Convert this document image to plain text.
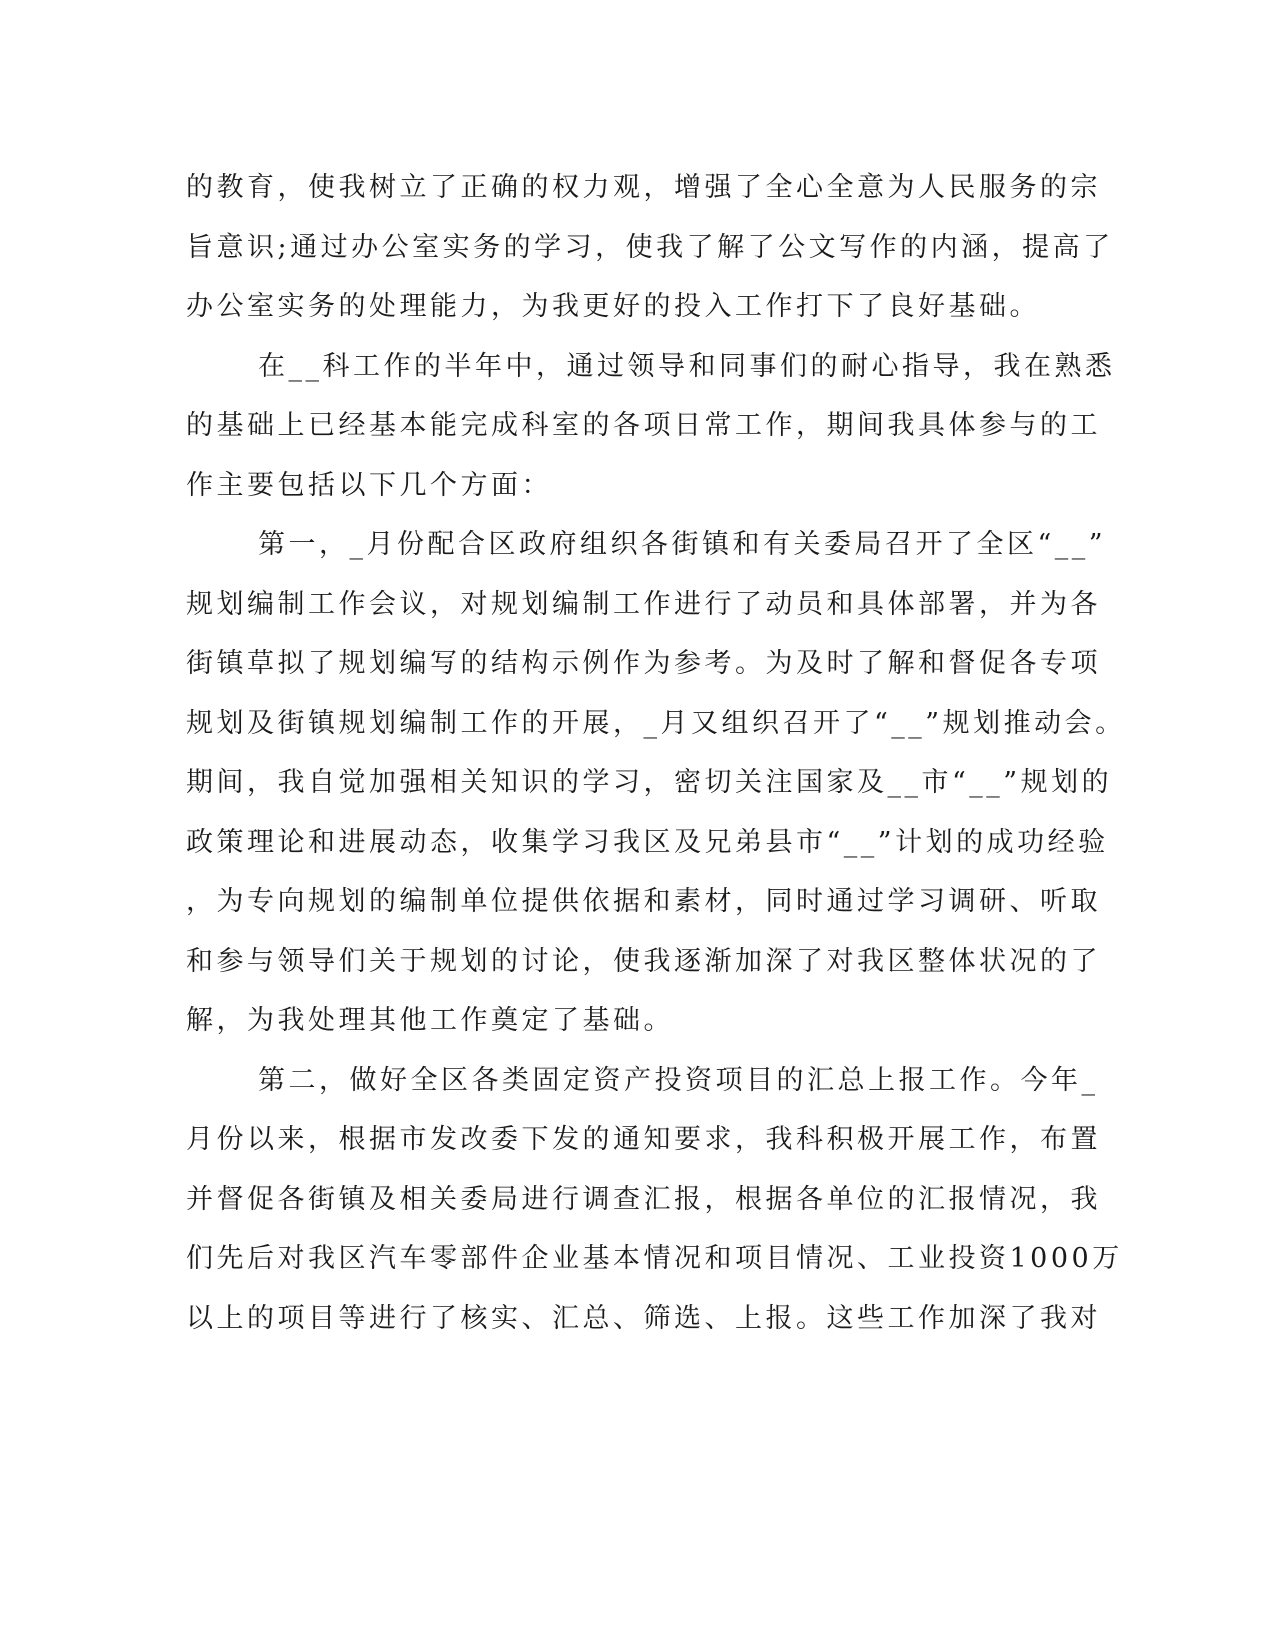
的教育，使我树立了正确的权力观，增强了全心全意为人民服务的宗
旨意识;通过办公室实务的学习，使我了解了公文写作的内涵，提高了
办公室实务的处理能力，为我更好的投入工作打下了良好基础。
在__科工作的半年中，通过领导和同事们的耐心指导，我在熟悉
的基础上已经基本能完成科室的各项日常工作，期间我具体参与的工
作主要包括以下几个方面：
第一，_月份配合区政府组织各街镇和有关委局召开了全区“__”
规划编制工作会议，对规划编制工作进行了动员和具体部署，并为各
街镇草拟了规划编写的结构示例作为参考。为及时了解和督促各专项
规划及街镇规划编制工作的开展，_月又组织召开了“__”规划推动会。
期间，我自觉加强相关知识的学习，密切关注国家及__市“__”规划的
政策理论和进展动态，收集学习我区及兄弟县市“__”计划的成功经验
，为专向规划的编制单位提供依据和素材，同时通过学习调研、听取
和参与领导们关于规划的讨论，使我逐渐加深了对我区整体状况的了
解，为我处理其他工作奠定了基础。
第二，做好全区各类固定资产投资项目的汇总上报工作。今年_
月份以来，根据市发改委下发的通知要求，我科积极开展工作，布置
并督促各街镇及相关委局进行调查汇报，根据各单位的汇报情况，我
们先后对我区汽车零部件企业基本情况和项目情况、工业投资1000万
以上的项目等进行了核实、汇总、筛选、上报。这些工作加深了我对
